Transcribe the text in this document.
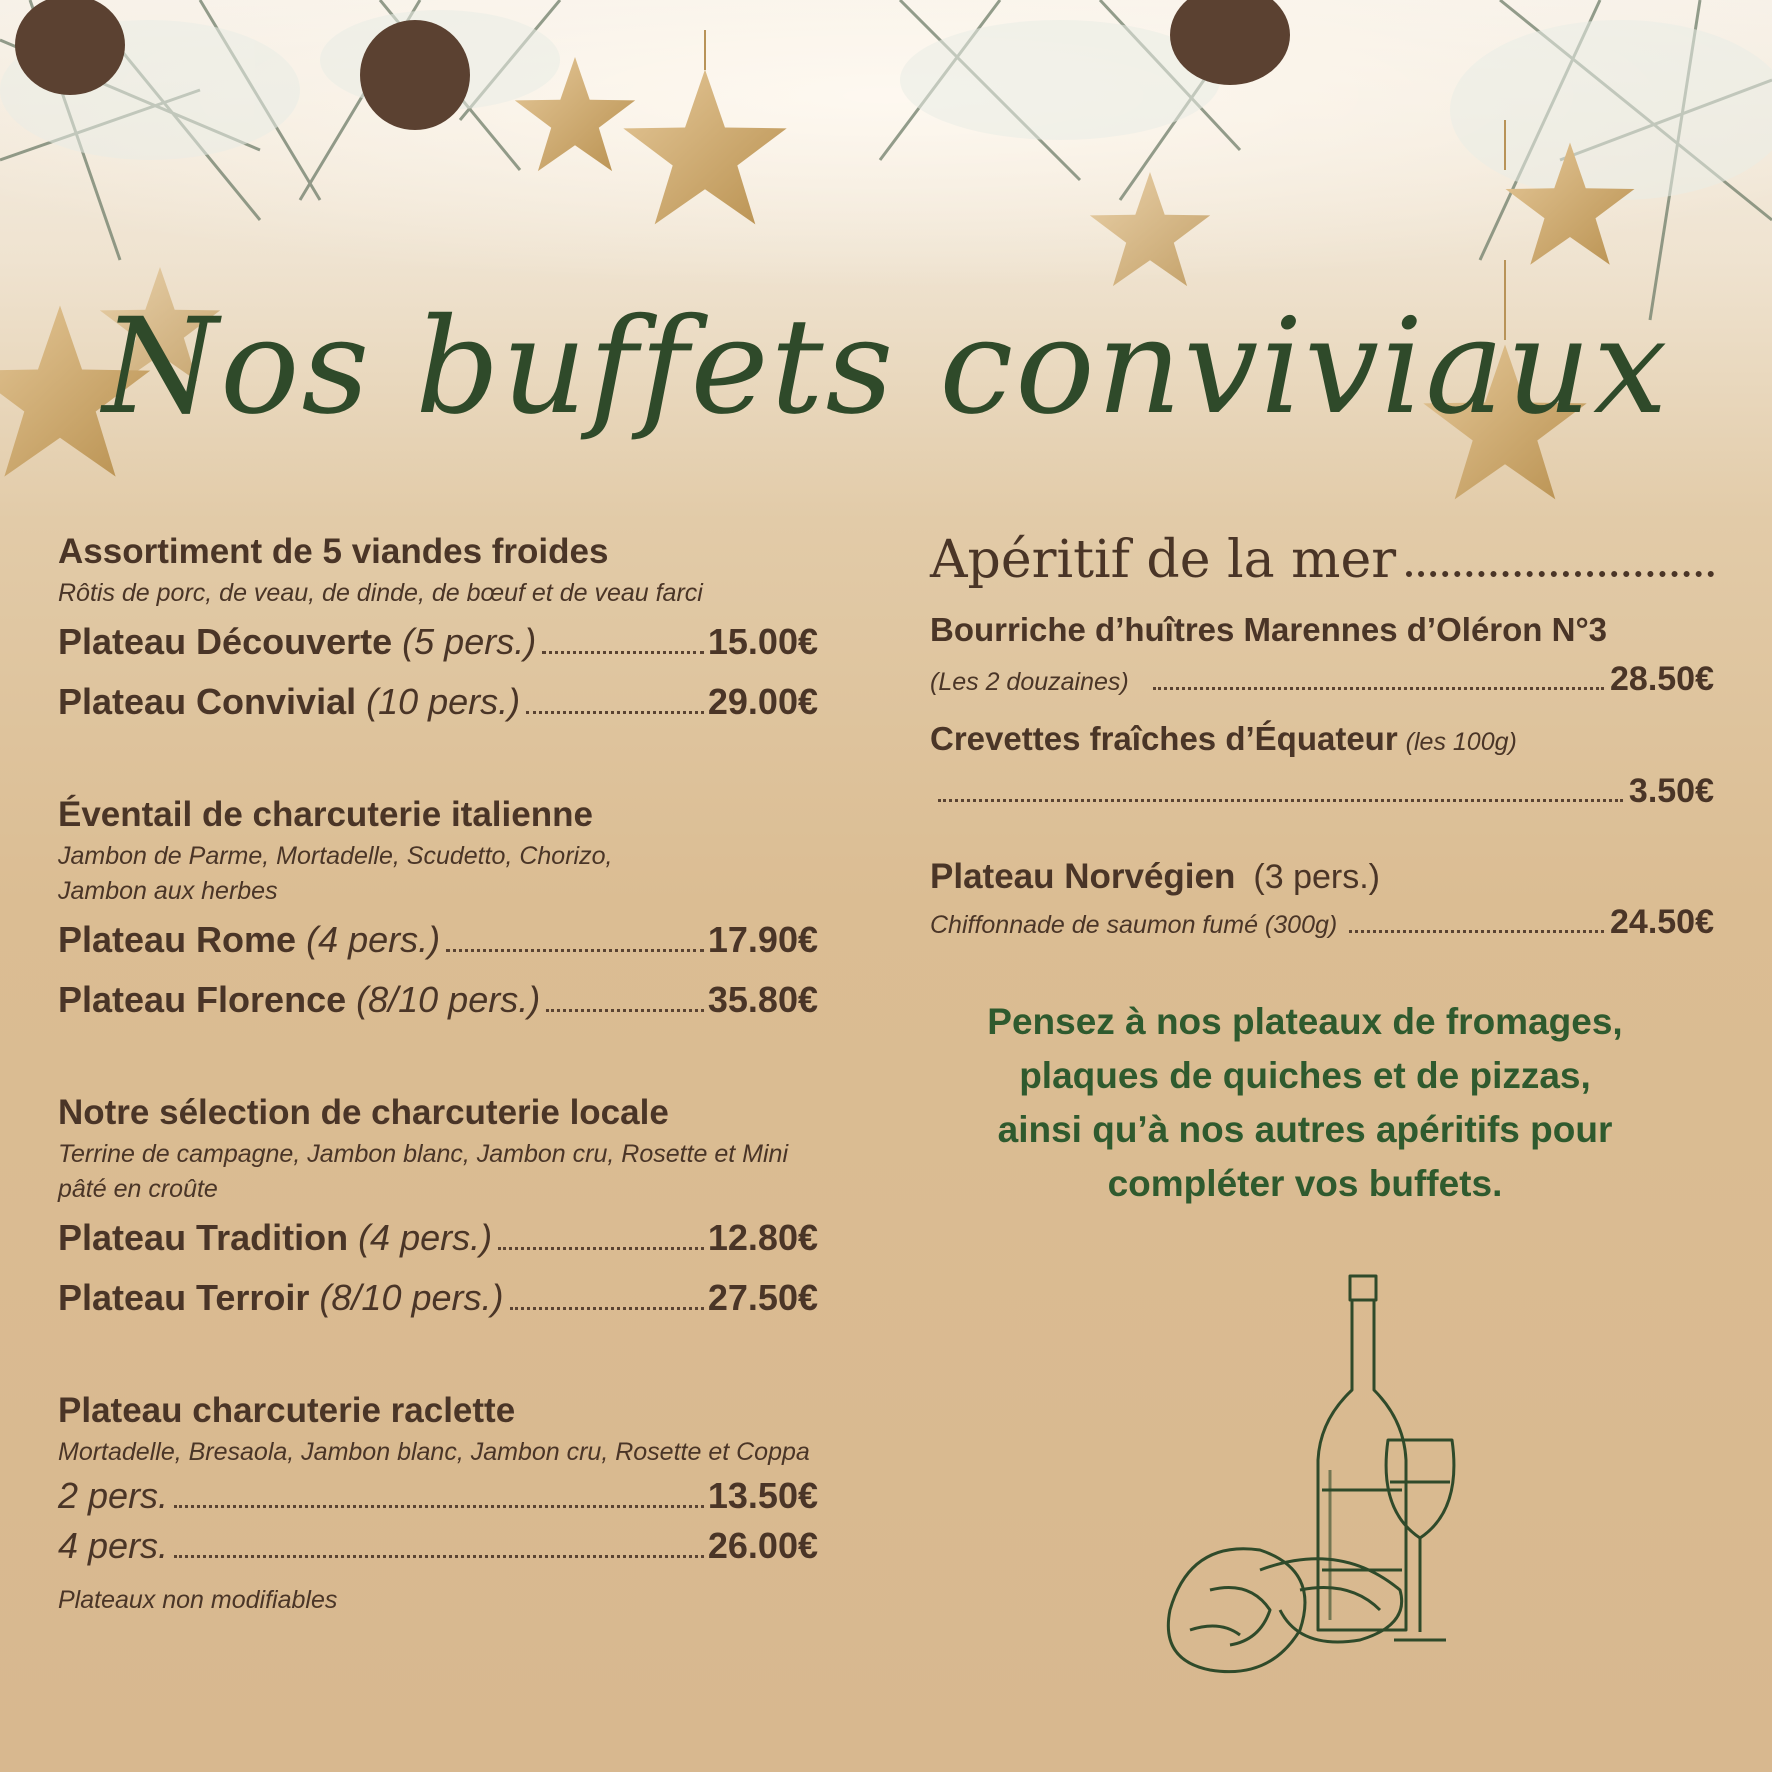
Nos buffets conviviaux
Assortiment de 5 viandes froides
Rôtis de porc, de veau, de dinde, de bœuf et de veau farci
Plateau Découverte (5 pers.)	15.00€
Plateau Convivial (10 pers.)	29.00€
Éventail de charcuterie italienne
Jambon de Parme, Mortadelle, Scudetto, Chorizo, Jambon aux herbes
Plateau Rome (4 pers.)	17.90€
Plateau Florence (8/10 pers.)	35.80€
Notre sélection de charcuterie locale
Terrine de campagne, Jambon blanc, Jambon cru, Rosette et Mini pâté en croûte
Plateau Tradition (4 pers.)	12.80€
Plateau Terroir (8/10 pers.)	27.50€
Plateau charcuterie raclette
Mortadelle, Bresaola, Jambon blanc, Jambon cru, Rosette et Coppa
2 pers.	13.50€
4 pers.	26.00€
Plateaux non modifiables
Apéritif de la mer
Bourriche d’huîtres Marennes d’Oléron N°3
(Les 2 douzaines)	28.50€
Crevettes fraîches d’Équateur (les 100g)
3.50€
Plateau Norvégien (3 pers.)
Chiffonnade de saumon fumé (300g)	24.50€
Pensez à nos plateaux de fromages,
plaques de quiches et de pizzas,
ainsi qu’à nos autres apéritifs pour
compléter vos buffets.
